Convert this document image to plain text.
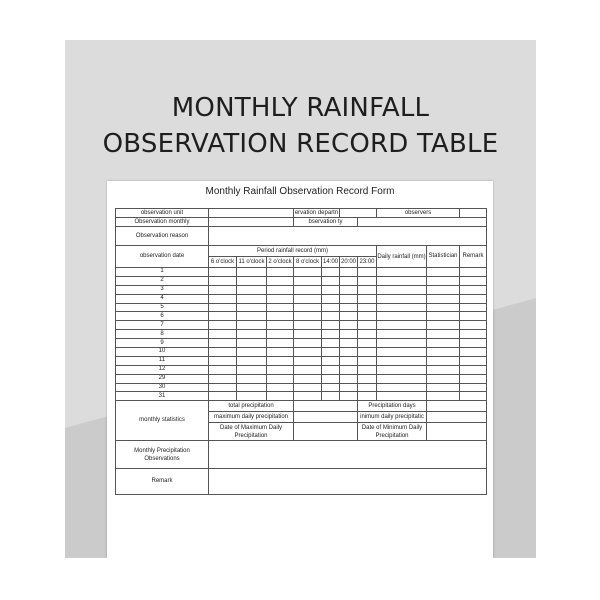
MONTHLY RAINFALL
OBSERVATION RECORD TABLE
Monthly Rainfall Observation Record Form
observation unit				ervation departn				observers		
Observation monthly				bservation ty						
Observation reason										
observation date	Period rainfall record (mm)							Daily rainfall (mm)	Statistician	Remark
	6 o'clock	11 o'clock	2 o'clock	8 o'clock	14:00	20:00	23:00			
1										
2										
3										
4										
5										
6										
7										
8										
9										
10										
11										
12										
29										
30										
31										
monthly statistics	total precipitation						Precipitation days			
	maximum daily precipitation						inimum daily precipitatic			
	Date of Maximum Daily Precipitation						Date of Minimum Daily Precipitation			
Monthly Precipitation Observations										
Remark										
